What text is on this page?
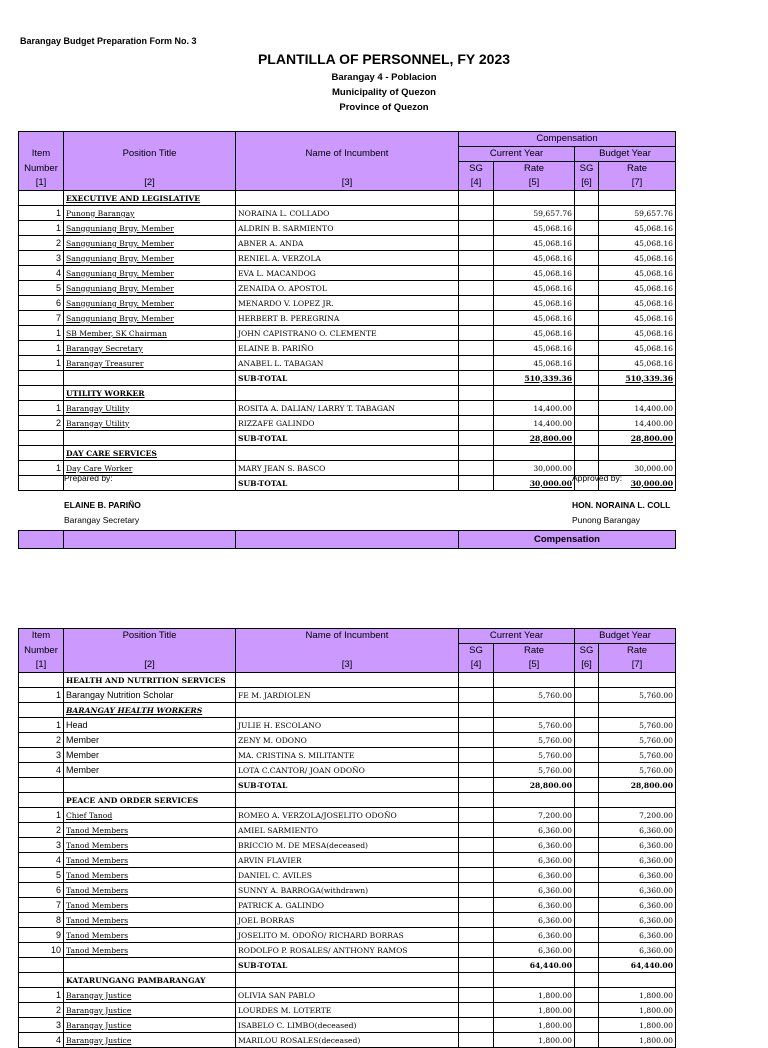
Barangay Budget Preparation Form No. 3
PLANTILLA OF PERSONNEL, FY 2023
Barangay 4 - Poblacion
Municipality of Quezon
Province of Quezon
			Compensation			
Item	Position Title	Name of Incumbent	Current Year		Budget Year	
Number			SG	Rate	SG	Rate
[1]	[2]	[3]	[4]	[5]	[6]	[7]
	EXECUTIVE AND LEGISLATIVE					
1	Punong Barangay	NORAINA L. COLLADO		59,657.76		59,657.76
1	Sangguniang Brgy. Member	ALDRIN B. SARMIENTO		45,068.16		45,068.16
2	Sangguniang Brgy. Member	ABNER A. ANDA		45,068.16		45,068.16
3	Sangguniang Brgy. Member	RENIEL A. VERZOLA		45,068.16		45,068.16
4	Sangguniang Brgy. Member	EVA L. MACANDOG		45,068.16		45,068.16
5	Sangguniang Brgy. Member	ZENAIDA O. APOSTOL		45,068.16		45,068.16
6	Sangguniang Brgy. Member	MENARDO V. LOPEZ JR.		45,068.16		45,068.16
7	Sangguniang Brgy. Member	HERBERT B. PEREGRINA		45,068.16		45,068.16
1	SB Member, SK Chairman	JOHN CAPISTRANO O. CLEMENTE		45,068.16		45,068.16
1	Barangay Secretary	ELAINE B. PARIÑO		45,068.16		45,068.16
1	Barangay Treasurer	ANABEL L. TABAGAN		45,068.16		45,068.16
		SUB-TOTAL		510,339.36		510,339.36
	UTILITY WORKER					
1	Barangay Utility	ROSITA A. DALIAN/ LARRY T. TABAGAN		14,400.00		14,400.00
2	Barangay Utility	RIZZAFE GALINDO		14,400.00		14,400.00
		SUB-TOTAL		28,800.00		28,800.00
	DAY CARE SERVICES					
1	Day Care Worker	MARY JEAN S. BASCO		30,000.00		30,000.00
		SUB-TOTAL		30,000.00		30,000.00
Prepared by:	Approved by:
ELAINE B. PARIÑO	HON. NORAINA L. COLL
Barangay Secretary	Punong Barangay
			Compensation
Item	Position Title	Name of Incumbent	Current Year		Budget Year	
Number			SG	Rate	SG	Rate
[1]	[2]	[3]	[4]	[5]	[6]	[7]
	HEALTH AND NUTRITION SERVICES					
1	Barangay Nutrition Scholar	FE M. JARDIOLEN		5,760.00		5,760.00
	BARANGAY HEALTH WORKERS					
1	Head	JULIE H. ESCOLANO		5,760.00		5,760.00
2	Member	ZENY M. ODONO		5,760.00		5,760.00
3	Member	MA. CRISTINA S. MILITANTE		5,760.00		5,760.00
4	Member	LOTA C.CANTOR/ JOAN ODOÑO		5,760.00		5,760.00
		SUB-TOTAL		28,800.00		28,800.00
	PEACE AND ORDER SERVICES					
1	Chief Tanod	ROMEO A. VERZOLA/JOSELITO ODOÑO		7,200.00		7,200.00
2	Tanod Members	AMIEL SARMIENTO		6,360.00		6,360.00
3	Tanod Members	BRICCIO M. DE MESA(deceased)		6,360.00		6,360.00
4	Tanod Members	ARVIN FLAVIER		6,360.00		6,360.00
5	Tanod Members	DANIEL C. AVILES		6,360.00		6,360.00
6	Tanod Members	SUNNY A. BARROGA(withdrawn)		6,360.00		6,360.00
7	Tanod Members	PATRICK A. GALINDO		6,360.00		6,360.00
8	Tanod Members	JOEL BORRAS		6,360.00		6,360.00
9	Tanod Members	JOSELITO M. ODOÑO/ RICHARD BORRAS		6,360.00		6,360.00
10	Tanod Members	RODOLFO P. ROSALES/ ANTHONY RAMOS		6,360.00		6,360.00
		SUB-TOTAL		64,440.00		64,440.00
	KATARUNGANG PAMBARANGAY					
1	Barangay Justice	OLIVIA SAN PABLO		1,800.00		1,800.00
2	Barangay Justice	LOURDES M. LOTERTE		1,800.00		1,800.00
3	Barangay Justice	ISABELO C. LIMBO(deceased)		1,800.00		1,800.00
4	Barangay Justice	MARILOU ROSALES(deceased)		1,800.00		1,800.00
